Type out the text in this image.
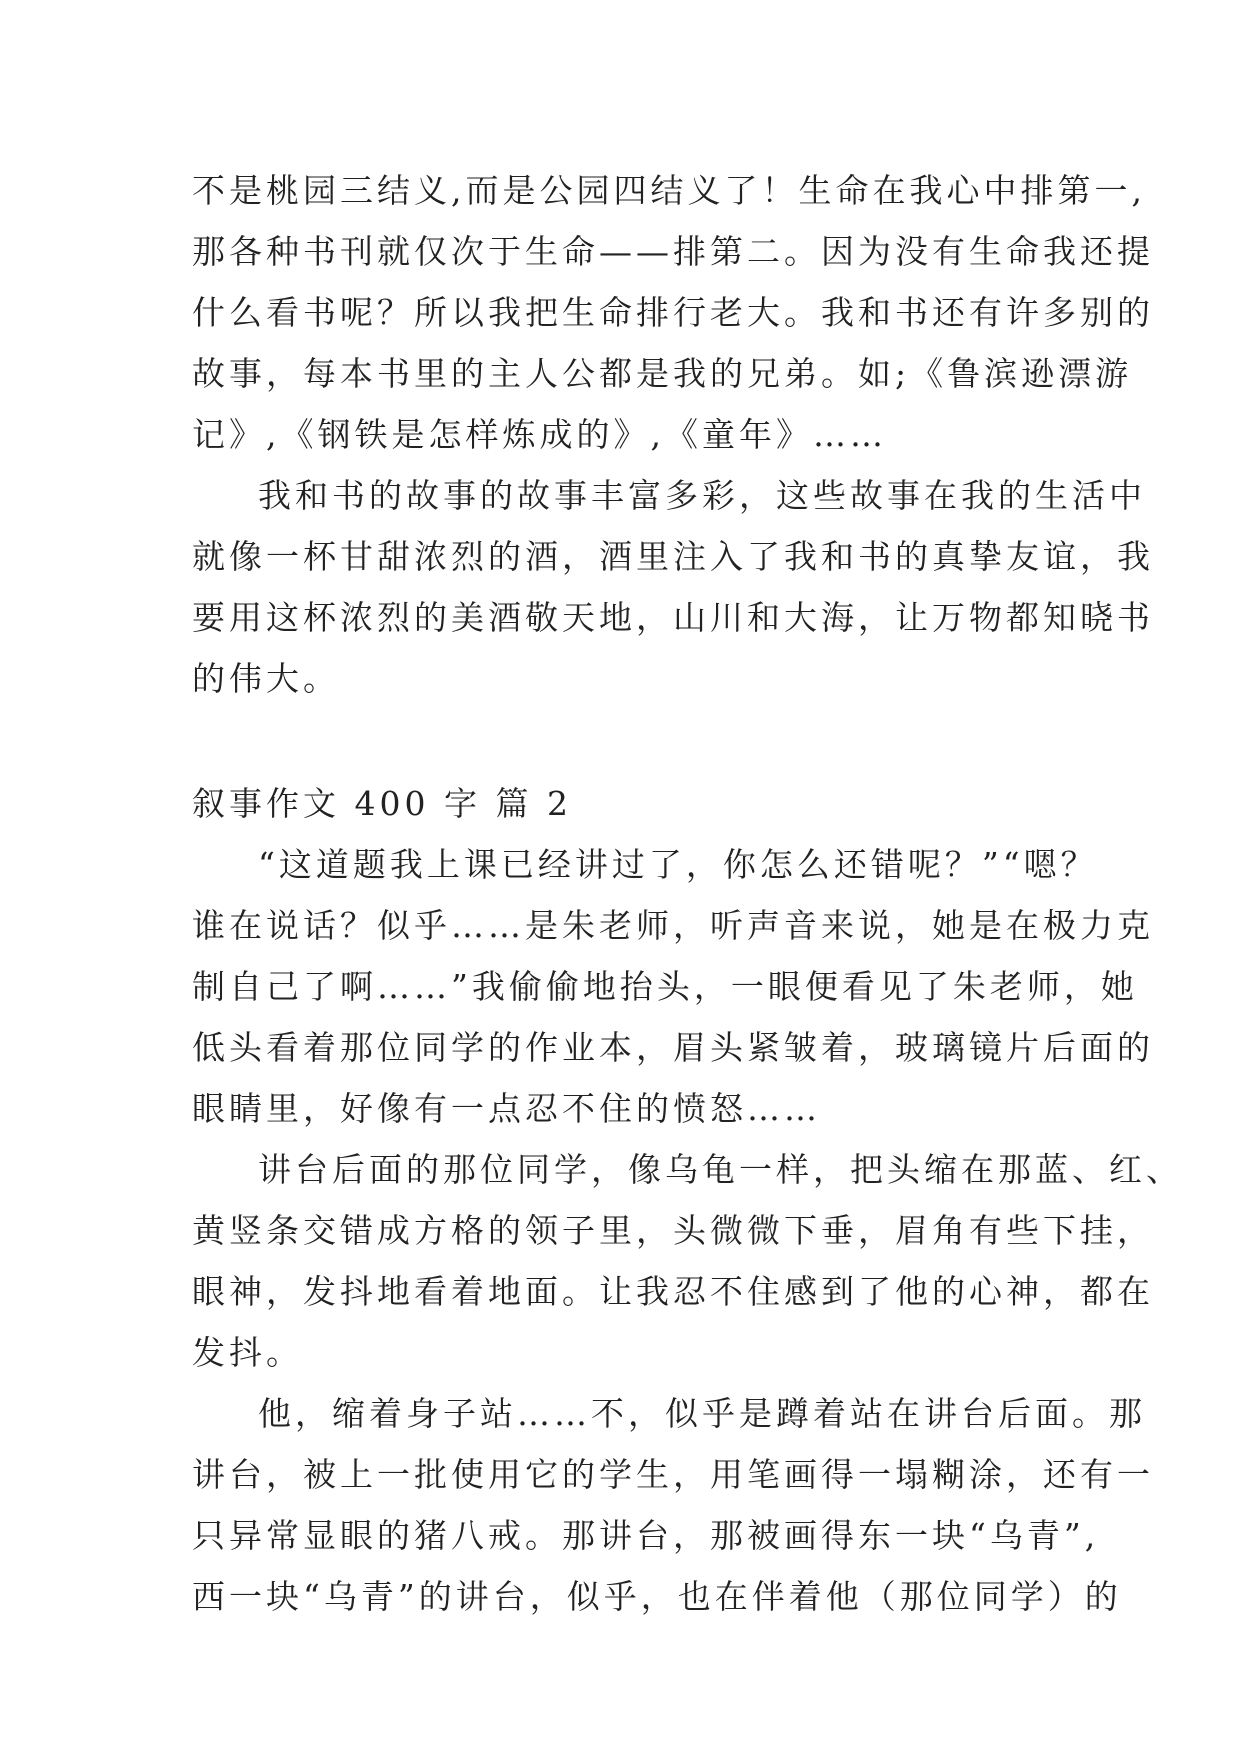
不是桃园三结义,而是公园四结义了！生命在我心中排第一,
那各种书刊就仅次于生命——排第二。因为没有生命我还提
什么看书呢？所以我把生命排行老大。我和书还有许多别的
故事，每本书里的主人公都是我的兄弟。如;《鲁滨逊漂游
记》,《钢铁是怎样炼成的》,《童年》……
我和书的故事的故事丰富多彩，这些故事在我的生活中
就像一杯甘甜浓烈的酒，酒里注入了我和书的真挚友谊，我
要用这杯浓烈的美酒敬天地，山川和大海，让万物都知晓书
的伟大。
叙事作文 400 字 篇 2
“这道题我上课已经讲过了，你怎么还错呢？”“嗯？
谁在说话？似乎……是朱老师，听声音来说，她是在极力克
制自己了啊……”我偷偷地抬头，一眼便看见了朱老师，她
低头看着那位同学的作业本，眉头紧皱着，玻璃镜片后面的
眼睛里，好像有一点忍不住的愤怒……
讲台后面的那位同学，像乌龟一样，把头缩在那蓝、红、
黄竖条交错成方格的领子里，头微微下垂，眉角有些下挂，
眼神，发抖地看着地面。让我忍不住感到了他的心神，都在
发抖。
他，缩着身子站……不，似乎是蹲着站在讲台后面。那
讲台，被上一批使用它的学生，用笔画得一塌糊涂，还有一
只异常显眼的猪八戒。那讲台，那被画得东一块“乌青”,
西一块“乌青”的讲台，似乎，也在伴着他（那位同学）的
